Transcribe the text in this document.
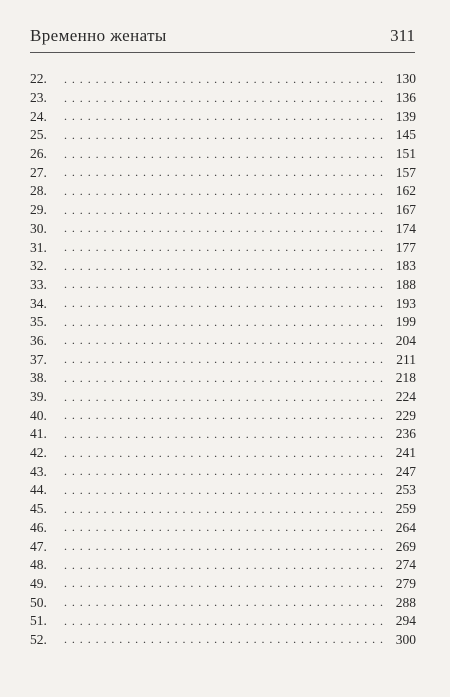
Временно женаты	311
22. . . .	130
23. . . .	136
24. . . .	139
25. . . .	145
26. . . .	151
27. . . .	157
28. . . .	162
29. . . .	167
30. . . .	174
31. . . .	177
32. . . .	183
33. . . .	188
34. . . .	193
35. . . .	199
36. . . .	204
37. . . .	211
38. . . .	218
39. . . .	224
40. . . .	229
41. . . .	236
42. . . .	241
43. . . .	247
44. . . .	253
45. . . .	259
46. . . .	264
47. . . .	269
48. . . .	274
49. . . .	279
50. . . .	288
51. . . .	294
52. . . .	300
